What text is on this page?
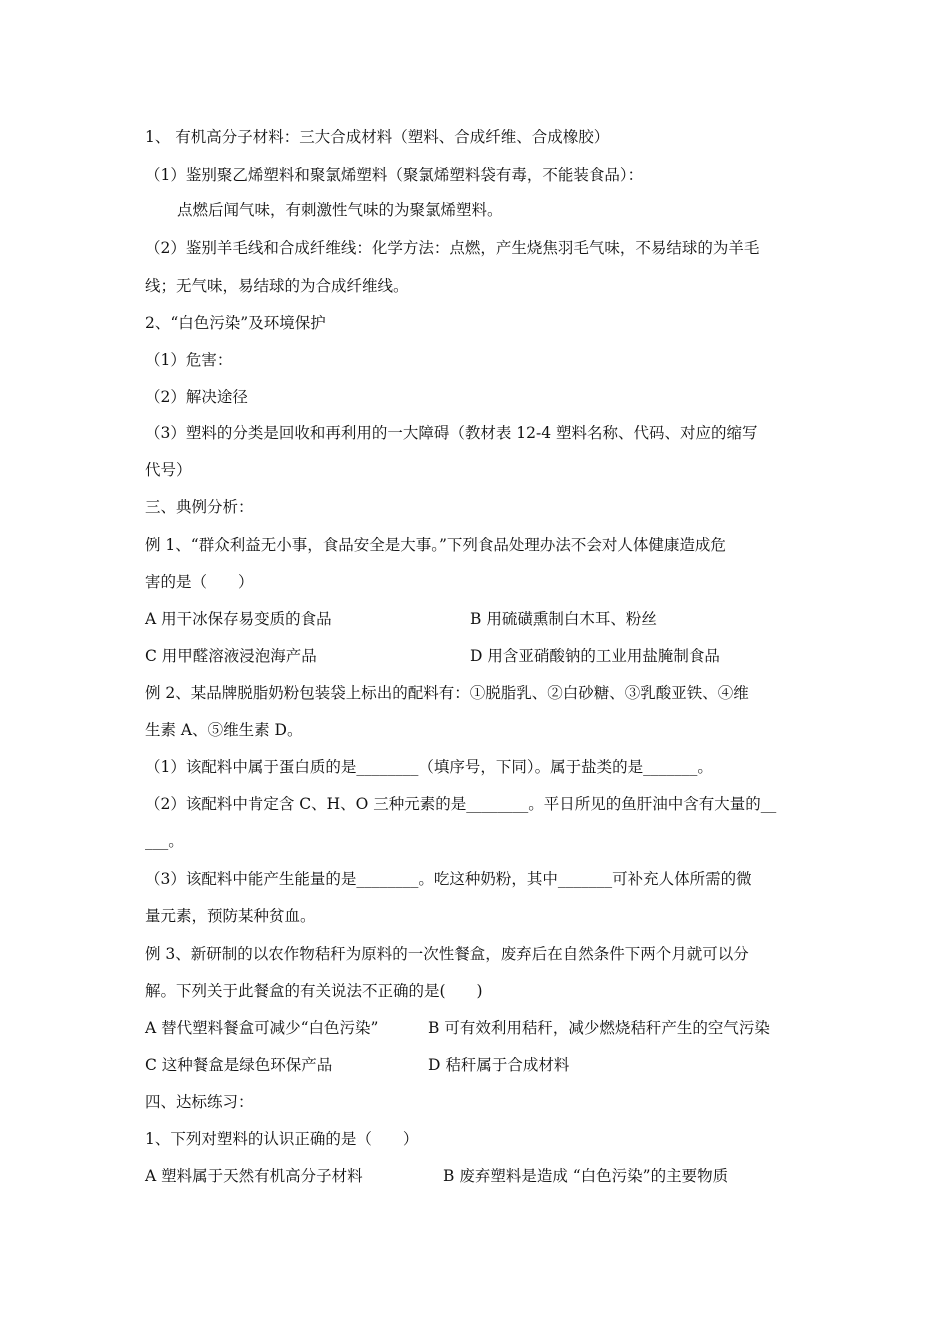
1、 有机高分子材料：三大合成材料（塑料、合成纤维、合成橡胶）
（1）鉴别聚乙烯塑料和聚氯烯塑料（聚氯烯塑料袋有毒，不能装食品）：
点燃后闻气味，有刺激性气味的为聚氯烯塑料。
（2）鉴别羊毛线和合成纤维线：化学方法：点燃，产生烧焦羽毛气味，不易结球的为羊毛
线；无气味，易结球的为合成纤维线。
2、“白色污染”及环境保护
（1）危害：
（2）解决途径
（3）塑料的分类是回收和再利用的一大障碍（教材表 12-4 塑料名称、代码、对应的缩写
代号）
三、典例分析：
例 1、“群众利益无小事，食品安全是大事。”下列食品处理办法不会对人体健康造成危
害的是（　　）
A 用干冰保存易变质的食品	B 用硫磺熏制白木耳、粉丝
C 用甲醛溶液浸泡海产品	D 用含亚硝酸钠的工业用盐腌制食品
例 2、某品牌脱脂奶粉包装袋上标出的配料有：①脱脂乳、②白砂糖、③乳酸亚铁、④维
生素 A、⑤维生素 D。
（1）该配料中属于蛋白质的是________（填序号，下同）。属于盐类的是_______。
（2）该配料中肯定含 C、H、O 三种元素的是________。平日所见的鱼肝油中含有大量的__
___。
（3）该配料中能产生能量的是________。吃这种奶粉，其中_______可补充人体所需的微
量元素，预防某种贫血。
例 3、新研制的以农作物秸秆为原料的一次性餐盒，废弃后在自然条件下两个月就可以分
解。下列关于此餐盒的有关说法不正确的是(　　)
A 替代塑料餐盒可减少“白色污染”	B 可有效利用秸秆，减少燃烧秸秆产生的空气污染
C 这种餐盒是绿色环保产品	D 秸秆属于合成材料
四、达标练习：
1、下列对塑料的认识正确的是（　　）
A 塑料属于天然有机高分子材料	B 废弃塑料是造成 “白色污染”的主要物质
